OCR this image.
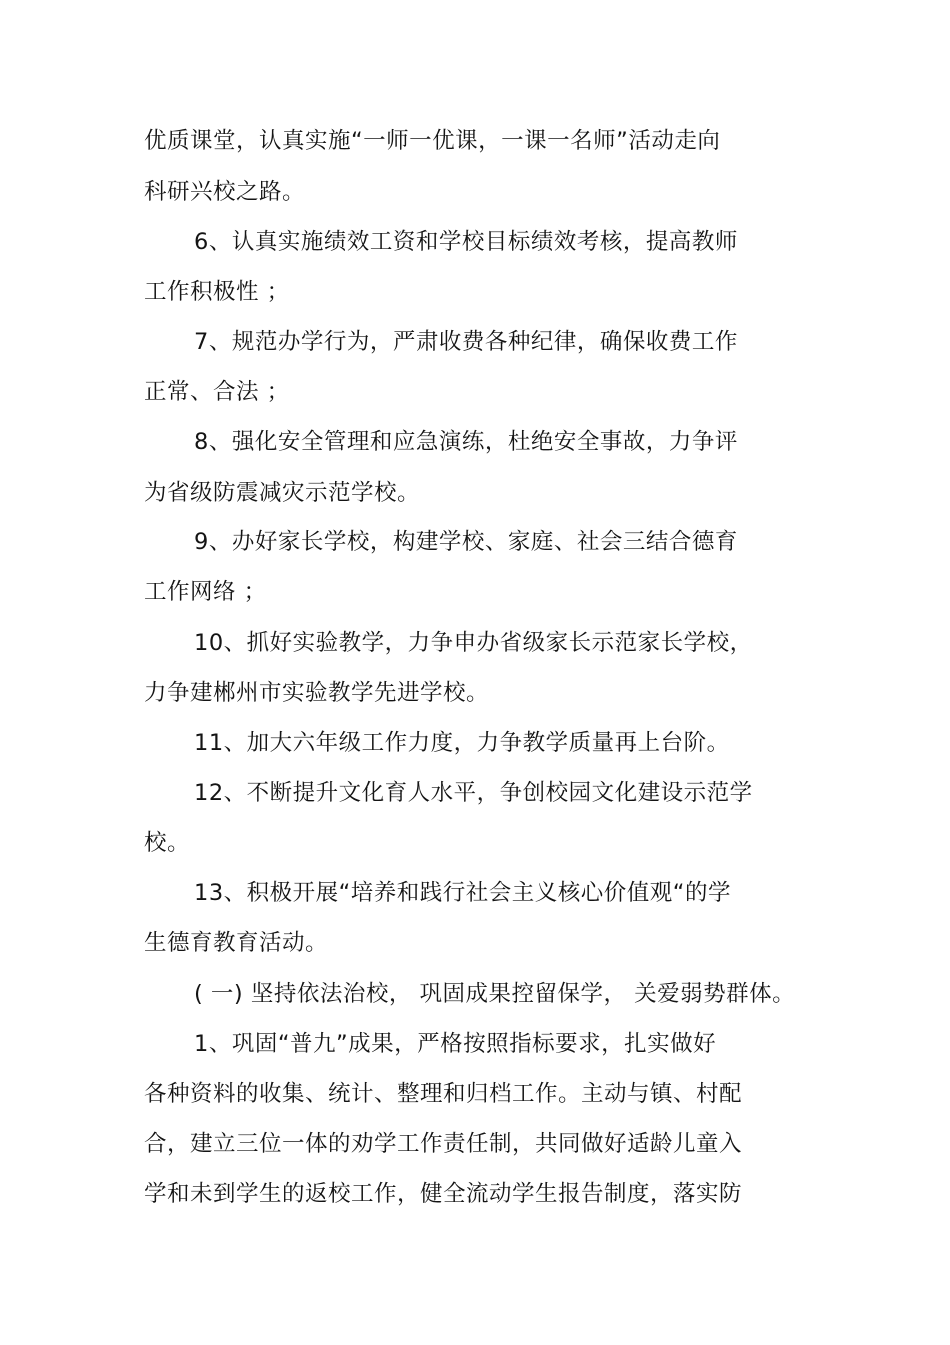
优质课堂，认真实施“一师一优课，一课一名师”活动走向
科研兴校之路。
6、认真实施绩效工资和学校目标绩效考核，提高教师
工作积极性 ；
7、规范办学行为，严肃收费各种纪律，确保收费工作
正常、合法 ；
8、强化安全管理和应急演练，杜绝安全事故，力争评
为省级防震减灾示范学校。
9、办好家长学校，构建学校、家庭、社会三结合德育
工作网络 ；
10、抓好实验教学，力争申办省级家长示范家长学校，
力争建郴州市实验教学先进学校。
11、加大六年级工作力度，力争教学质量再上台阶。
12、不断提升文化育人水平，争创校园文化建设示范学
校。
13、积极开展“培养和践行社会主义核心价值观“的学
生德育教育活动。
( 一) 坚持依法治校， 巩固成果控留保学， 关爱弱势群体。
1、巩固“普九”成果，严格按照指标要求，扎实做好
各种资料的收集、统计、整理和归档工作。主动与镇、村配
合，建立三位一体的劝学工作责任制，共同做好适龄儿童入
学和未到学生的返校工作，健全流动学生报告制度，落实防
